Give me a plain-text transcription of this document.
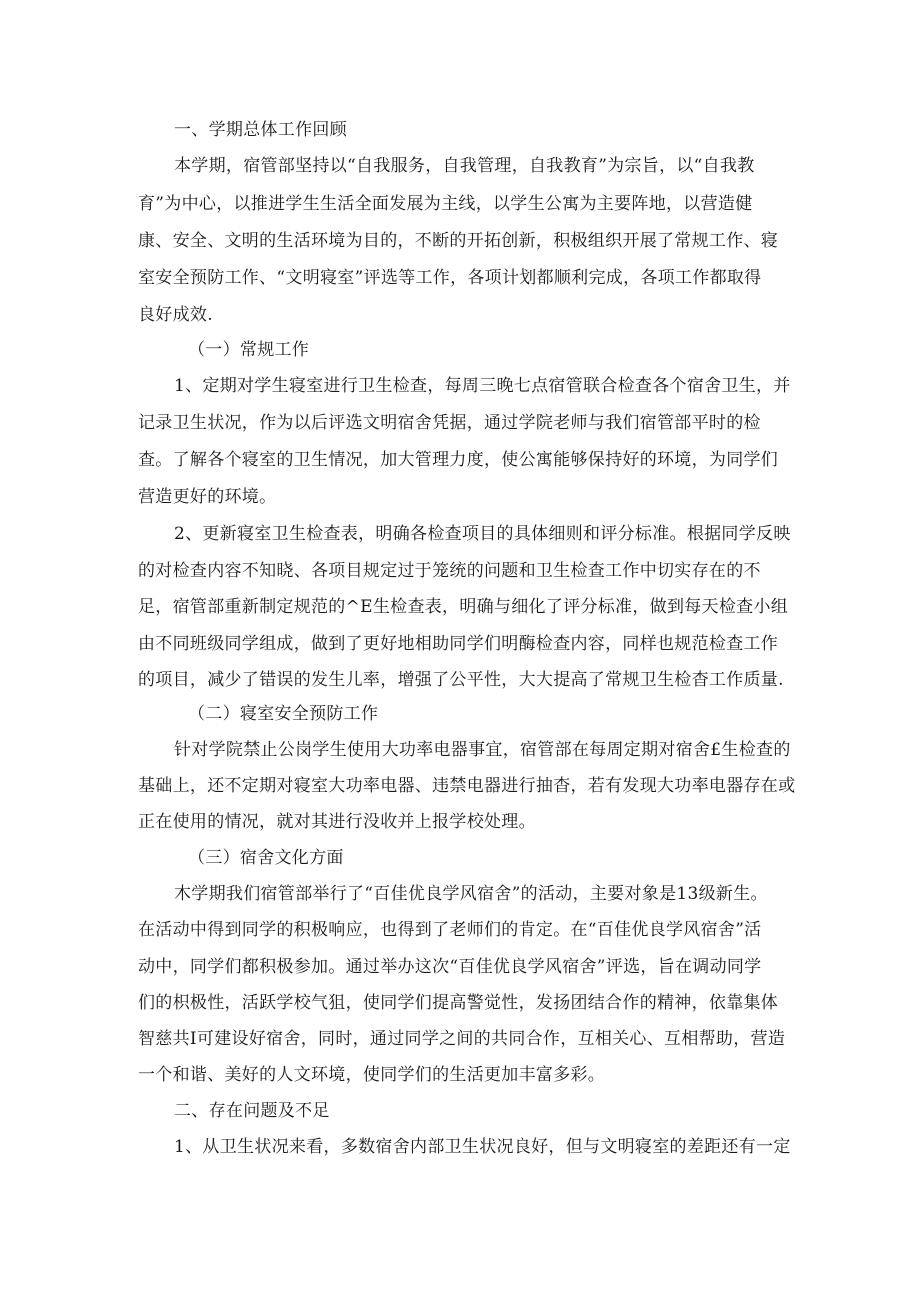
一、学期总体工作回顾
本学期，宿管部坚持以“自我服务，自我管理，自我教育”为宗旨，以“自我教
育”为中心，以推进学生生活全面发展为主线，以学生公寓为主要阵地，以营造健
康、安全、文明的生活环境为目的，不断的开拓创新，积极组织开展了常规工作、寝
室安全预防工作、“文明寝室”评选等工作，各项计划都顺利完成，各项工作都取得
良好成效.
（一）常规工作
1、定期对学生寝室进行卫生检查，每周三晚七点宿管联合检查各个宿舍卫生，并
记录卫生状况，作为以后评选文明宿舍凭据，通过学院老师与我们宿管部平时的检
查。了解各个寝室的卫生情况，加大管理力度，使公寓能够保持好的环境，为同学们
营造更好的环境。
2、更新寝室卫生检查表，明确各检查项目的具体细则和评分标准。根据同学反映
的对检查内容不知晓、各项目规定过于笼统的问题和卫生检查工作中切实存在的不
足，宿管部重新制定规范的^E生检查表，明确与细化了评分标准，做到每天检查小组
由不同班级同学组成，做到了更好地相助同学们明酶检查内容，同样也规范检查工作
的项目，减少了错误的发生儿率，增强了公平性，大大提高了常规卫生检杳工作质量.
（二）寝室安全预防工作
针对学院禁止公岗学生使用大功率电器事宜，宿管部在每周定期对宿舍£生检查的
基础上，还不定期对寝室大功率电器、违禁电器进行抽杳，若有发现大功率电器存在或
正在使用的情况，就对其进行没收并上报学校处理。
（三）宿舍文化方面
木学期我们宿管部举行了“百佳优良学风宿舍”的活动，主要对象是13级新生。
在活动中得到同学的积极响应，也得到了老师们的肯定。在“百佳优良学风宿舍”活
动中，同学们都积极参加。通过举办这次“百佳优良学风宿舍”评选，旨在调动同学
们的枳极性，活跃学校气狙，使同学们提高警觉性，发扬团结合作的精神，依靠集体
智慈共I可建设好宿舍，同时，通过同学之间的共同合作，互相关心、互相帮助，营造
一个和谐、美好的人文环境，使同学们的生活更加丰富多彩。
二、存在问题及不足
1、从卫生状况来看，多数宿舍内部卫生状况良好，但与文明寝室的差距还有一定
